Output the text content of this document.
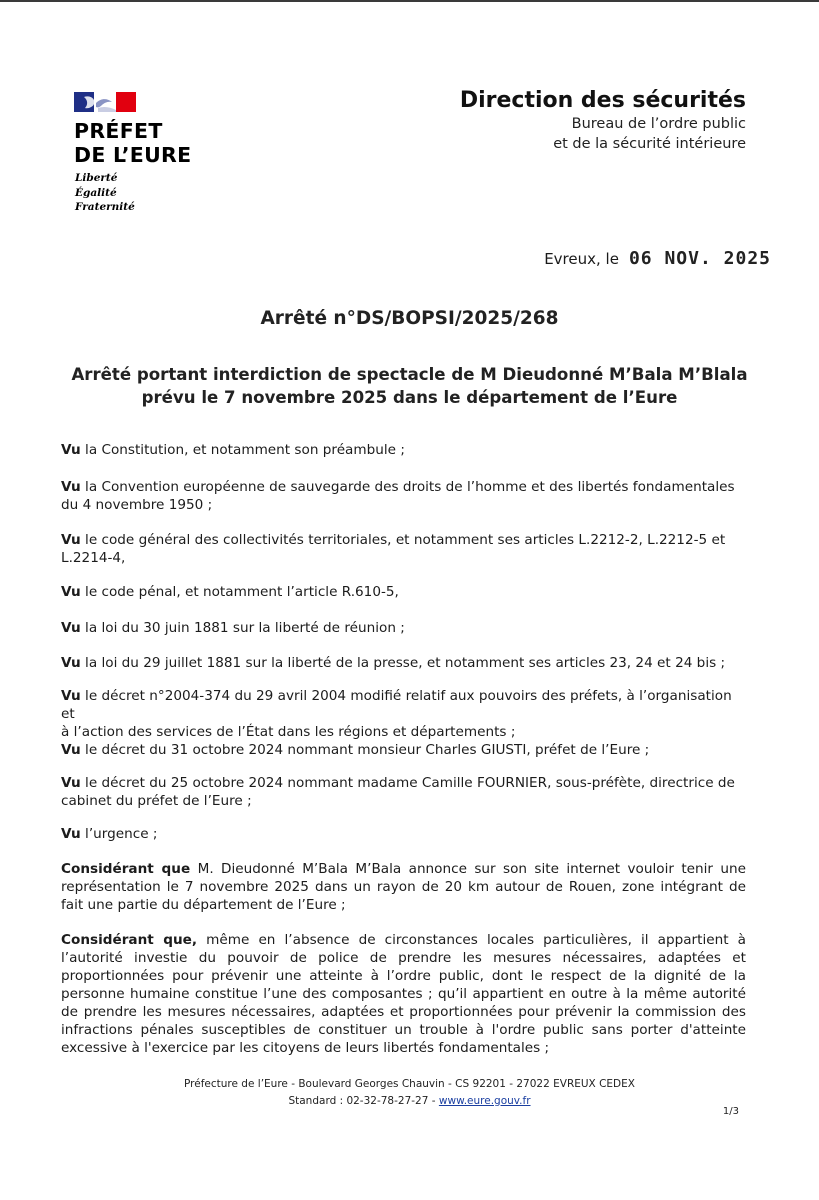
PRÉFET
DE L’EURE
Liberté
Égalité
Fraternité
Direction des sécurités
Bureau de l’ordre public
et de la sécurité intérieure
Evreux, le 06 NOV. 2025
Arrêté n°DS/BOPSI/2025/268
Arrêté portant interdiction de spectacle de M Dieudonné M’Bala M’Blala
prévu le 7 novembre 2025 dans le département de l’Eure
Vu la Constitution, et notamment son préambule ;
Vu la Convention européenne de sauvegarde des droits de l’homme et des libertés fondamentales
du 4 novembre 1950 ;
Vu le code général des collectivités territoriales, et notamment ses articles L.2212-2, L.2212-5 et
L.2214-4,
Vu le code pénal, et notamment l’article R.610-5,
Vu la loi du 30 juin 1881 sur la liberté de réunion ;
Vu la loi du 29 juillet 1881 sur la liberté de la presse, et notamment ses articles 23, 24 et 24 bis ;
Vu le décret n°2004-374 du 29 avril 2004 modifié relatif aux pouvoirs des préfets, à l’organisation et
à l’action des services de l’État dans les régions et départements ;
Vu le décret du 31 octobre 2024 nommant monsieur Charles GIUSTI, préfet de l’Eure ;
Vu le décret du 25 octobre 2024 nommant madame Camille FOURNIER, sous-préfète, directrice de
cabinet du préfet de l’Eure ;
Vu l’urgence ;
Considérant que M. Dieudonné M’Bala M’Bala annonce sur son site internet vouloir tenir une
représentation le 7 novembre 2025 dans un rayon de 20 km autour de Rouen, zone intégrant de
fait une partie du département de l’Eure ;
Considérant que, même en l’absence de circonstances locales particulières, il appartient à
l’autorité investie du pouvoir de police de prendre les mesures nécessaires, adaptées et
proportionnées pour prévenir une atteinte à l’ordre public, dont le respect de la dignité de la
personne humaine constitue l’une des composantes ; qu’il appartient en outre à la même autorité
de prendre les mesures nécessaires, adaptées et proportionnées pour prévenir la commission des
infractions pénales susceptibles de constituer un trouble à l'ordre public sans porter d'atteinte
excessive à l'exercice par les citoyens de leurs libertés fondamentales ;
Préfecture de l’Eure - Boulevard Georges Chauvin - CS 92201 - 27022 EVREUX CEDEX
Standard : 02-32-78-27-27 - www.eure.gouv.fr
1/3
